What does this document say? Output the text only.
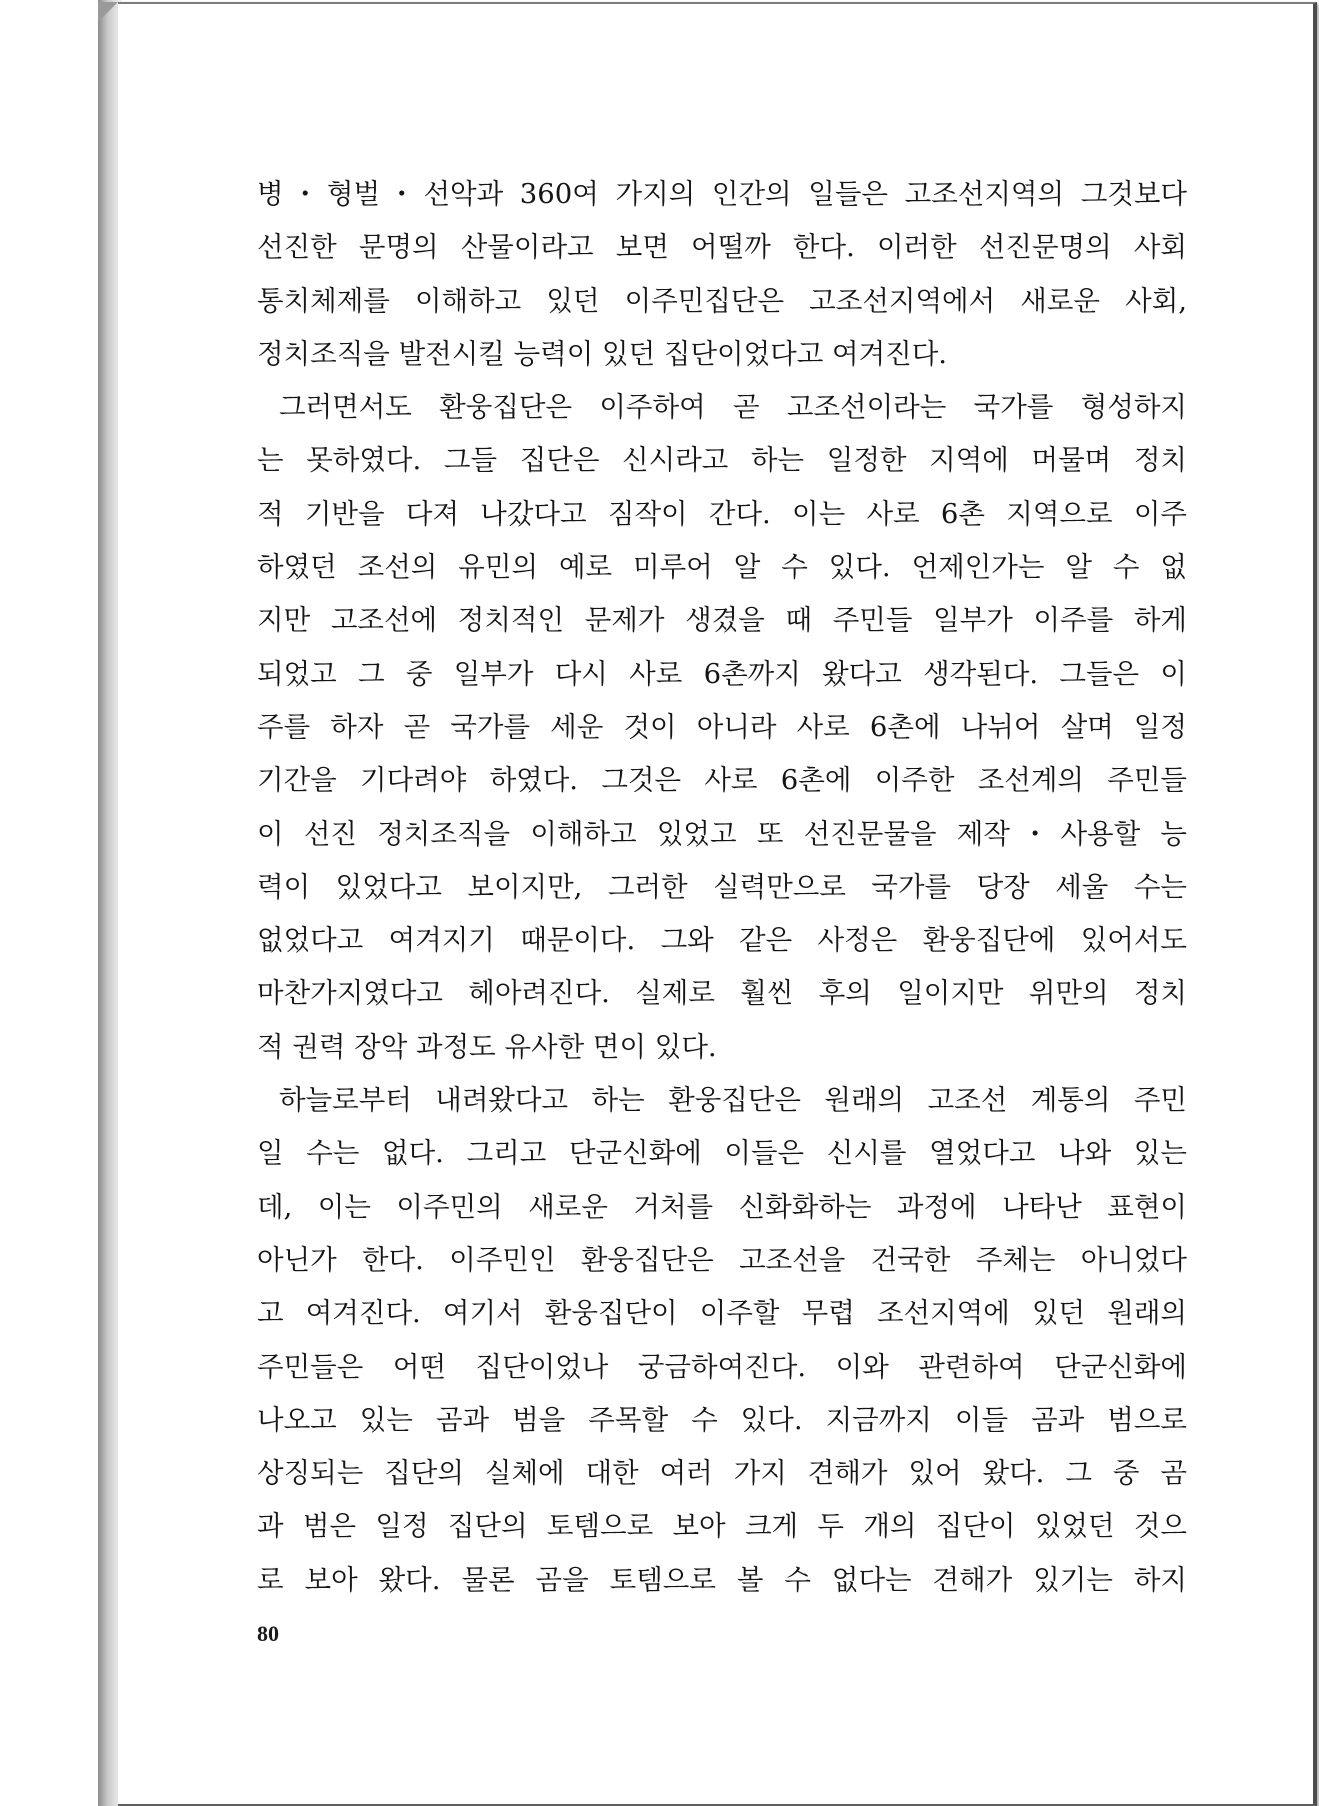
병・형벌・선악과 360여 가지의 인간의 일들은 고조선지역의 그것보다
선진한 문명의 산물이라고 보면 어떨까 한다. 이러한 선진문명의 사회
통치체제를 이해하고 있던 이주민집단은 고조선지역에서 새로운 사회,
정치조직을 발전시킬 능력이 있던 집단이었다고 여겨진다.
그러면서도 환웅집단은 이주하여 곧 고조선이라는 국가를 형성하지
는 못하였다. 그들 집단은 신시라고 하는 일정한 지역에 머물며 정치
적 기반을 다져 나갔다고 짐작이 간다. 이는 사로 6촌 지역으로 이주
하였던 조선의 유민의 예로 미루어 알 수 있다. 언제인가는 알 수 없
지만 고조선에 정치적인 문제가 생겼을 때 주민들 일부가 이주를 하게
되었고 그 중 일부가 다시 사로 6촌까지 왔다고 생각된다. 그들은 이
주를 하자 곧 국가를 세운 것이 아니라 사로 6촌에 나뉘어 살며 일정
기간을 기다려야 하였다. 그것은 사로 6촌에 이주한 조선계의 주민들
이 선진 정치조직을 이해하고 있었고 또 선진문물을 제작・사용할 능
력이 있었다고 보이지만, 그러한 실력만으로 국가를 당장 세울 수는
없었다고 여겨지기 때문이다. 그와 같은 사정은 환웅집단에 있어서도
마찬가지였다고 헤아려진다. 실제로 훨씬 후의 일이지만 위만의 정치
적 권력 장악 과정도 유사한 면이 있다.
하늘로부터 내려왔다고 하는 환웅집단은 원래의 고조선 계통의 주민
일 수는 없다. 그리고 단군신화에 이들은 신시를 열었다고 나와 있는
데, 이는 이주민의 새로운 거처를 신화화하는 과정에 나타난 표현이
아닌가 한다. 이주민인 환웅집단은 고조선을 건국한 주체는 아니었다
고 여겨진다. 여기서 환웅집단이 이주할 무렵 조선지역에 있던 원래의
주민들은 어떤 집단이었나 궁금하여진다. 이와 관련하여 단군신화에
나오고 있는 곰과 범을 주목할 수 있다. 지금까지 이들 곰과 범으로
상징되는 집단의 실체에 대한 여러 가지 견해가 있어 왔다. 그 중 곰
과 범은 일정 집단의 토템으로 보아 크게 두 개의 집단이 있었던 것으
로 보아 왔다. 물론 곰을 토템으로 볼 수 없다는 견해가 있기는 하지
80
